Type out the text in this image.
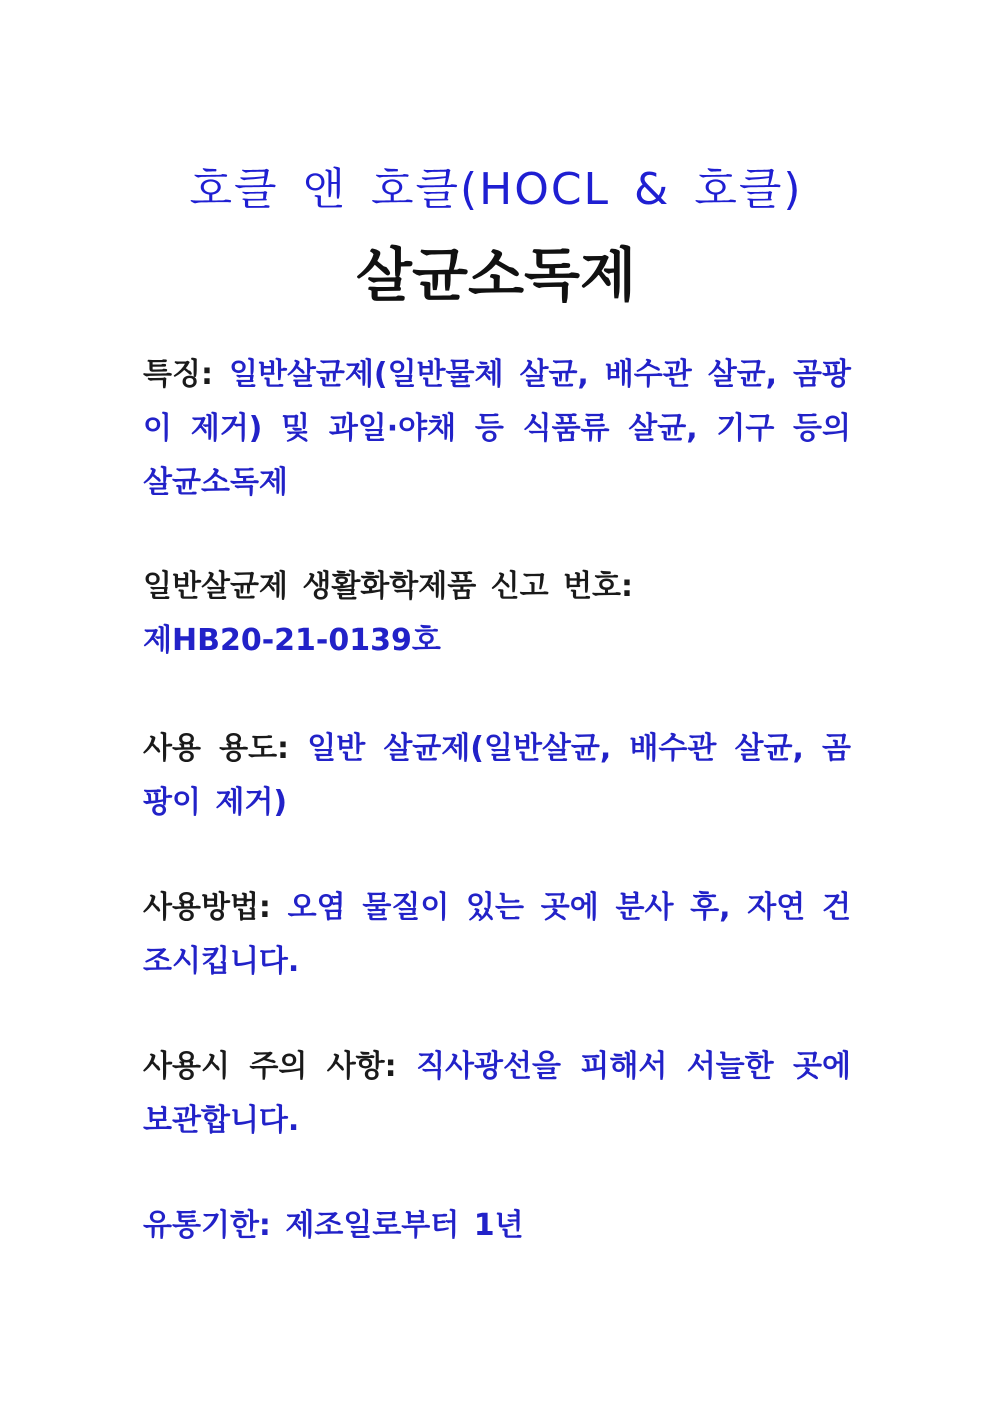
호클 앤 호클(HOCL & 호클)
살균소독제
특징: 일반살균제(일반물체 살균, 배수관 살균, 곰팡이 제거) 및 과일·야채 등 식품류 살균, 기구 등의 살균소독제
일반살균제 생활화학제품 신고 번호:
제HB20-21-0139호
사용 용도: 일반 살균제(일반살균, 배수관 살균, 곰팡이 제거)
사용방법: 오염 물질이 있는 곳에 분사 후, 자연 건조시킵니다.
사용시 주의 사항: 직사광선을 피해서 서늘한 곳에 보관합니다.
유통기한: 제조일로부터 1년
